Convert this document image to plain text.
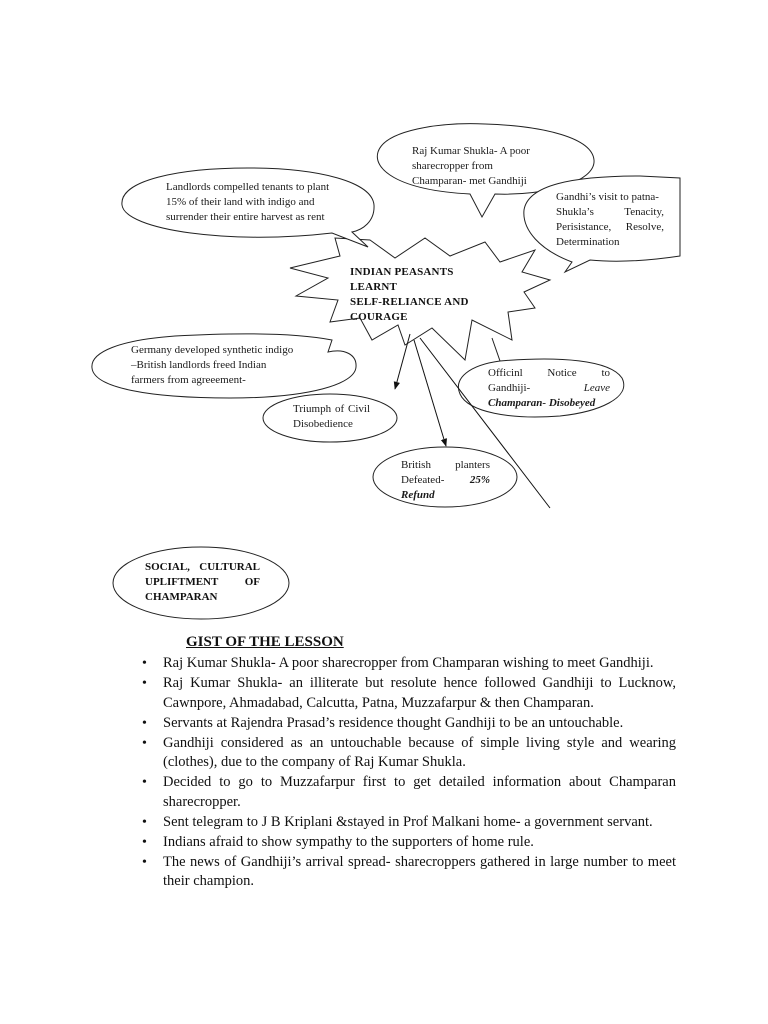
INDIAN PEASANTS LEARNT
SELF-RELIANCE AND
COURAGE
Raj Kumar Shukla- A poor
sharecropper from
Champaran- met Gandhiji
Landlords compelled tenants to plant
15% of their land with indigo and
surrender their entire harvest as rent
Gandhi’s visit to patna-
Shukla’s Tenacity,
Perisistance, Resolve,
Determination
Germany developed synthetic indigo
–British landlords freed Indian
farmers from agreeement-
Officinl Notice to
Gandhiji-	Leave
Champaran- Disobeyed
Triumph of Civil
Disobedience
British planters
Defeated- 25%
Refund
SOCIAL, CULTURAL
UPLIFTMENT OF
CHAMPARAN
GIST OF THE LESSON
• Raj Kumar Shukla- A poor sharecropper from Champaran wishing to meet Gandhiji.
• Raj Kumar Shukla- an illiterate but resolute hence followed Gandhiji to Lucknow, Cawnpore, Ahmadabad, Calcutta, Patna, Muzzafarpur & then Champaran.
• Servants at Rajendra Prasad’s residence thought Gandhiji to be an untouchable.
• Gandhiji considered as an untouchable because of simple living style and wearing (clothes), due to the company of Raj Kumar Shukla.
• Decided to go to Muzzafarpur first to get detailed information about Champaran sharecropper.
• Sent telegram to J B Kriplani &stayed in Prof Malkani home- a government servant.
• Indians afraid to show sympathy to the supporters of home rule.
• The news of Gandhiji’s arrival spread- sharecroppers gathered in large number to meet their champion.
